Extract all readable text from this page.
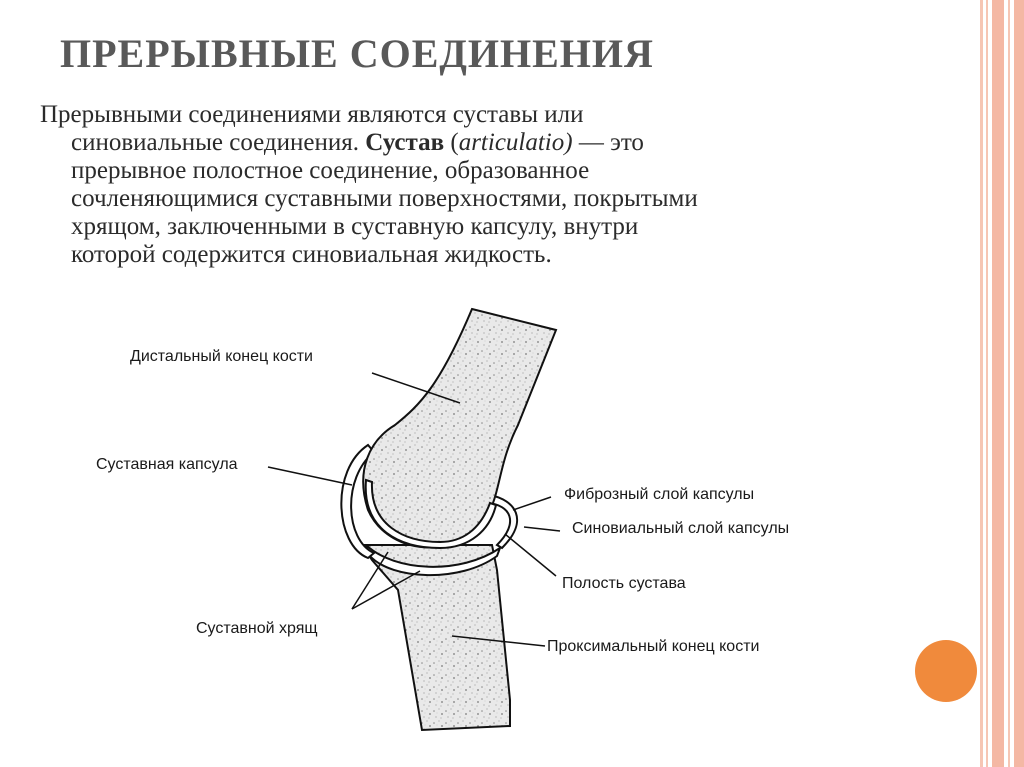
ПРЕРЫВНЫЕ СОЕДИНЕНИЯ
Прерывными соединениями являются суставы или
синовиальные соединения. Сустав (articulatio) — это
прерывное полостное соединение, образованное
сочленяющимися суставными поверхностями, покрытыми
хрящом, заключенными в суставную капсулу, внутри
которой содержится синовиальная жидкость.
Дистальный конец кости
Суставная капсула
Фиброзный слой капсулы
Синовиальный слой капсулы
Полость сустава
Суставной хрящ
Проксимальный конец кости
